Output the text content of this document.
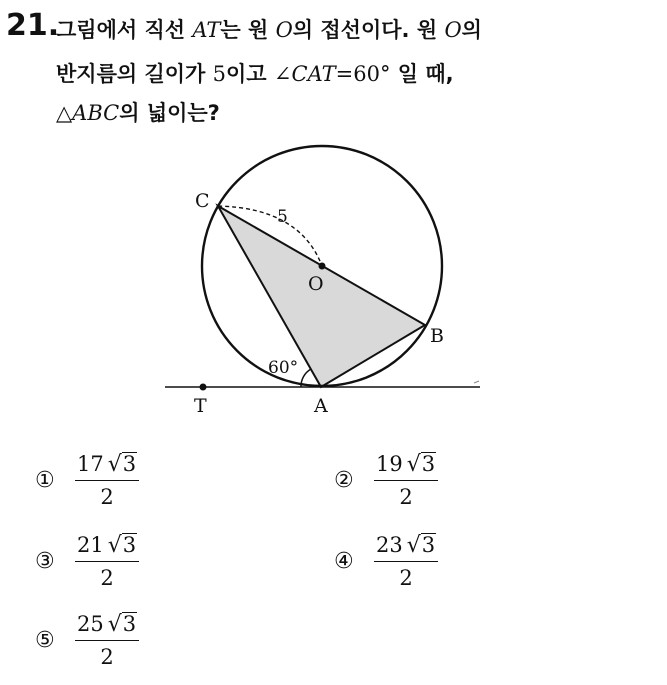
21.
그림에서 직선 AT는 원 O의 접선이다. 원 O의
반지름의 길이가 5이고 ∠CAT=60° 일 때,
△ABC의 넓이는?
C
O
B
A
T
5
60°
① $\frac{17 √ 3}{2}$	② $\frac{19 √ 3}{2}$
③ $\frac{21 √ 3}{2}$	④ $\frac{23 √ 3}{2}$
⑤ $\frac{25 √ 3}{2}$
